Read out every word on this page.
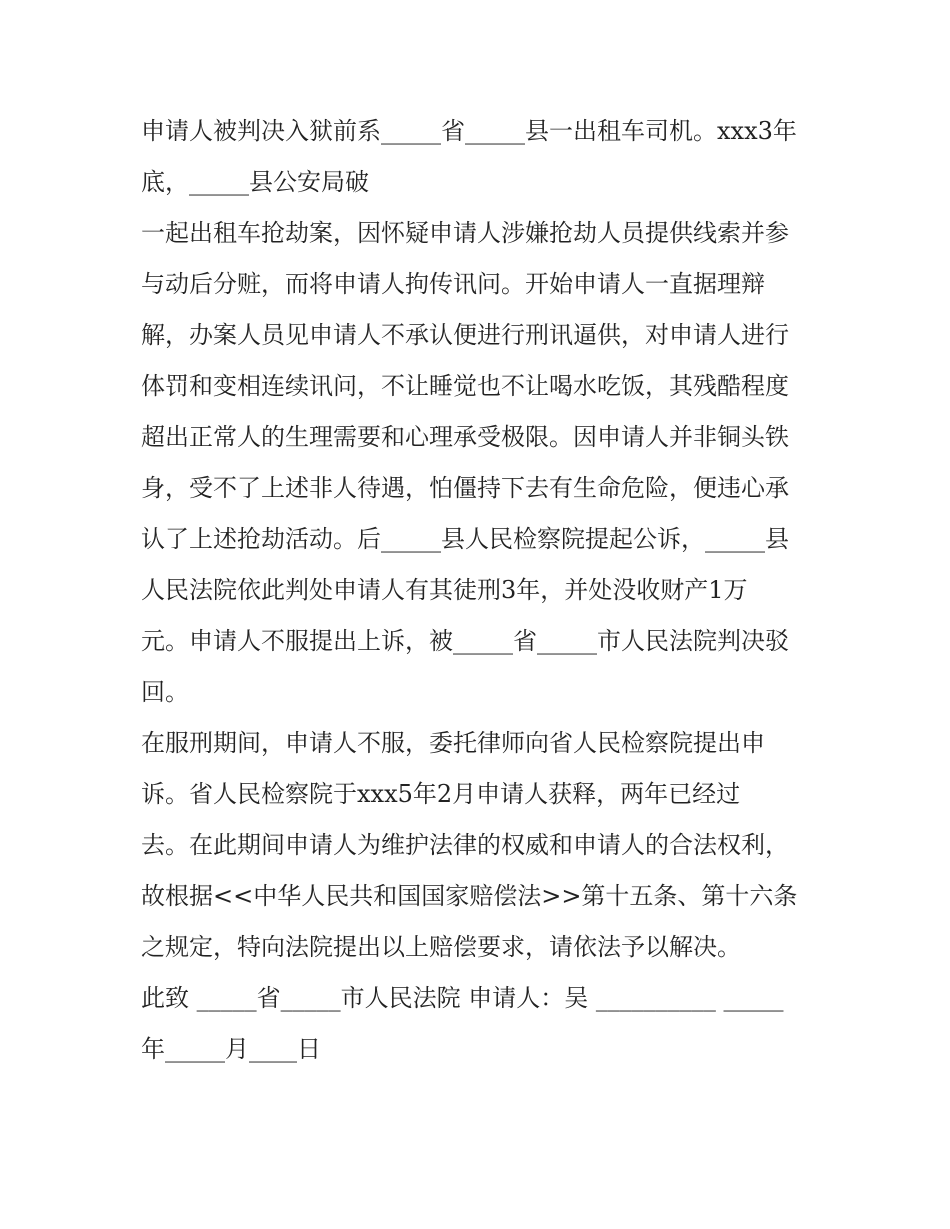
申请人被判决入狱前系_____省_____县一出租车司机。xxx3年
底，_____县公安局破
一起出租车抢劫案，因怀疑申请人涉嫌抢劫人员提供线索并参
与动后分赃，而将申请人拘传讯问。开始申请人一直据理辩
解，办案人员见申请人不承认便进行刑讯逼供，对申请人进行
体罚和变相连续讯问，不让睡觉也不让喝水吃饭，其残酷程度
超出正常人的生理需要和心理承受极限。因申请人并非铜头铁
身，受不了上述非人待遇，怕僵持下去有生命危险，便违心承
认了上述抢劫活动。后_____县人民检察院提起公诉，_____县
人民法院依此判处申请人有其徒刑3年，并处没收财产1万
元。申请人不服提出上诉，被_____省_____市人民法院判决驳
回。
在服刑期间，申请人不服，委托律师向省人民检察院提出申
诉。省人民检察院于xxx5年2月申请人获释，两年已经过
去。在此期间申请人为维护法律的权威和申请人的合法权利，
故根据<<中华人民共和国国家赔偿法>>第十五条、第十六条
之规定，特向法院提出以上赔偿要求，请依法予以解决。
此致 _____省_____市人民法院 申请人：吴 __________ _____
年_____月____日
